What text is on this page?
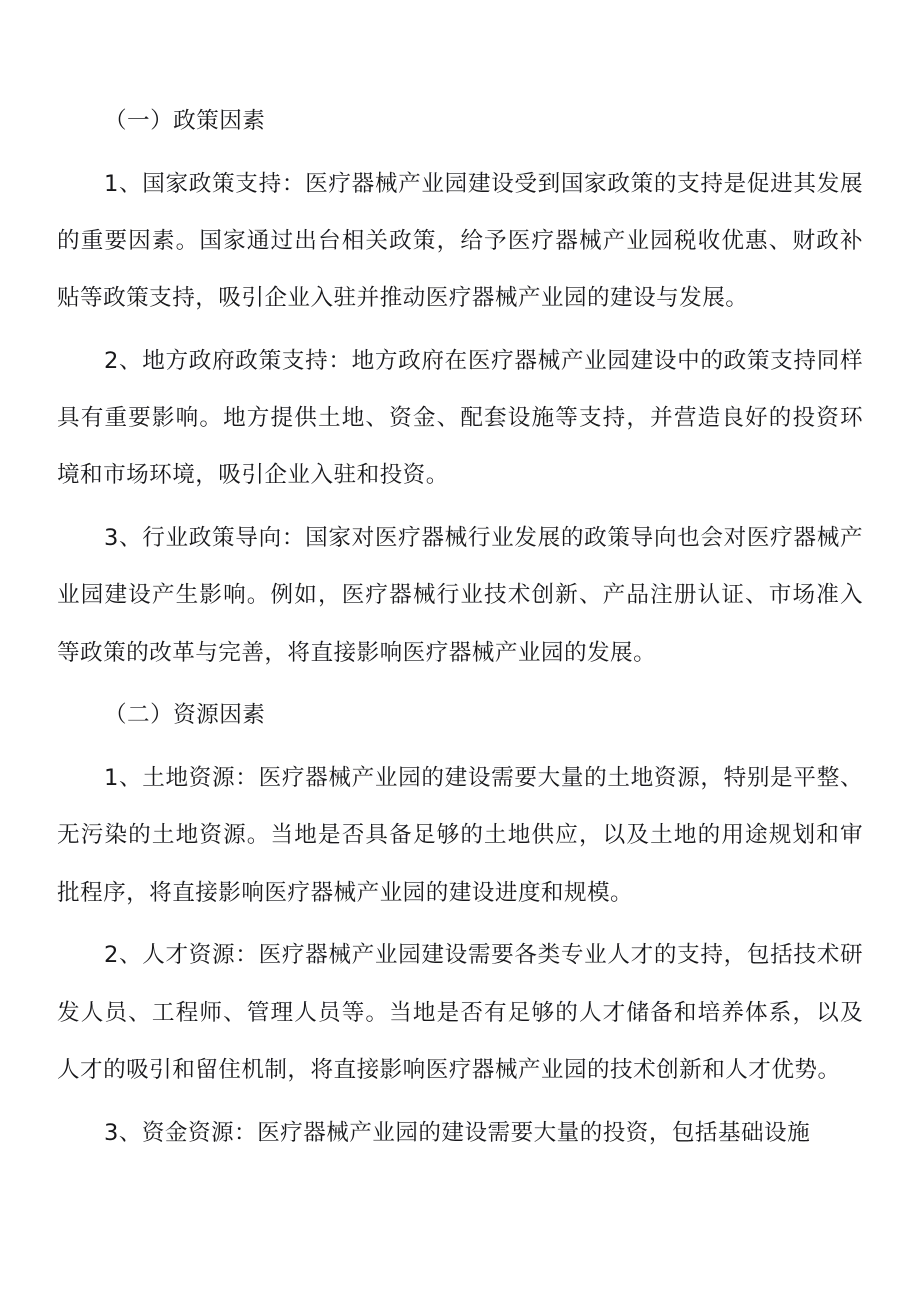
（一）政策因素

1、国家政策支持：医疗器械产业园建设受到国家政策的支持是促进其发展的重要因素。国家通过出台相关政策，给予医疗器械产业园税收优惠、财政补贴等政策支持，吸引企业入驻并推动医疗器械产业园的建设与发展。

2、地方政府政策支持：地方政府在医疗器械产业园建设中的政策支持同样具有重要影响。地方提供土地、资金、配套设施等支持，并营造良好的投资环境和市场环境，吸引企业入驻和投资。

3、行业政策导向：国家对医疗器械行业发展的政策导向也会对医疗器械产业园建设产生影响。例如，医疗器械行业技术创新、产品注册认证、市场准入等政策的改革与完善，将直接影响医疗器械产业园的发展。

（二）资源因素

1、土地资源：医疗器械产业园的建设需要大量的土地资源，特别是平整、无污染的土地资源。当地是否具备足够的土地供应，以及土地的用途规划和审批程序，将直接影响医疗器械产业园的建设进度和规模。

2、人才资源：医疗器械产业园建设需要各类专业人才的支持，包括技术研发人员、工程师、管理人员等。当地是否有足够的人才储备和培养体系，以及人才的吸引和留住机制，将直接影响医疗器械产业园的技术创新和人才优势。

3、资金资源：医疗器械产业园的建设需要大量的投资，包括基础设施
